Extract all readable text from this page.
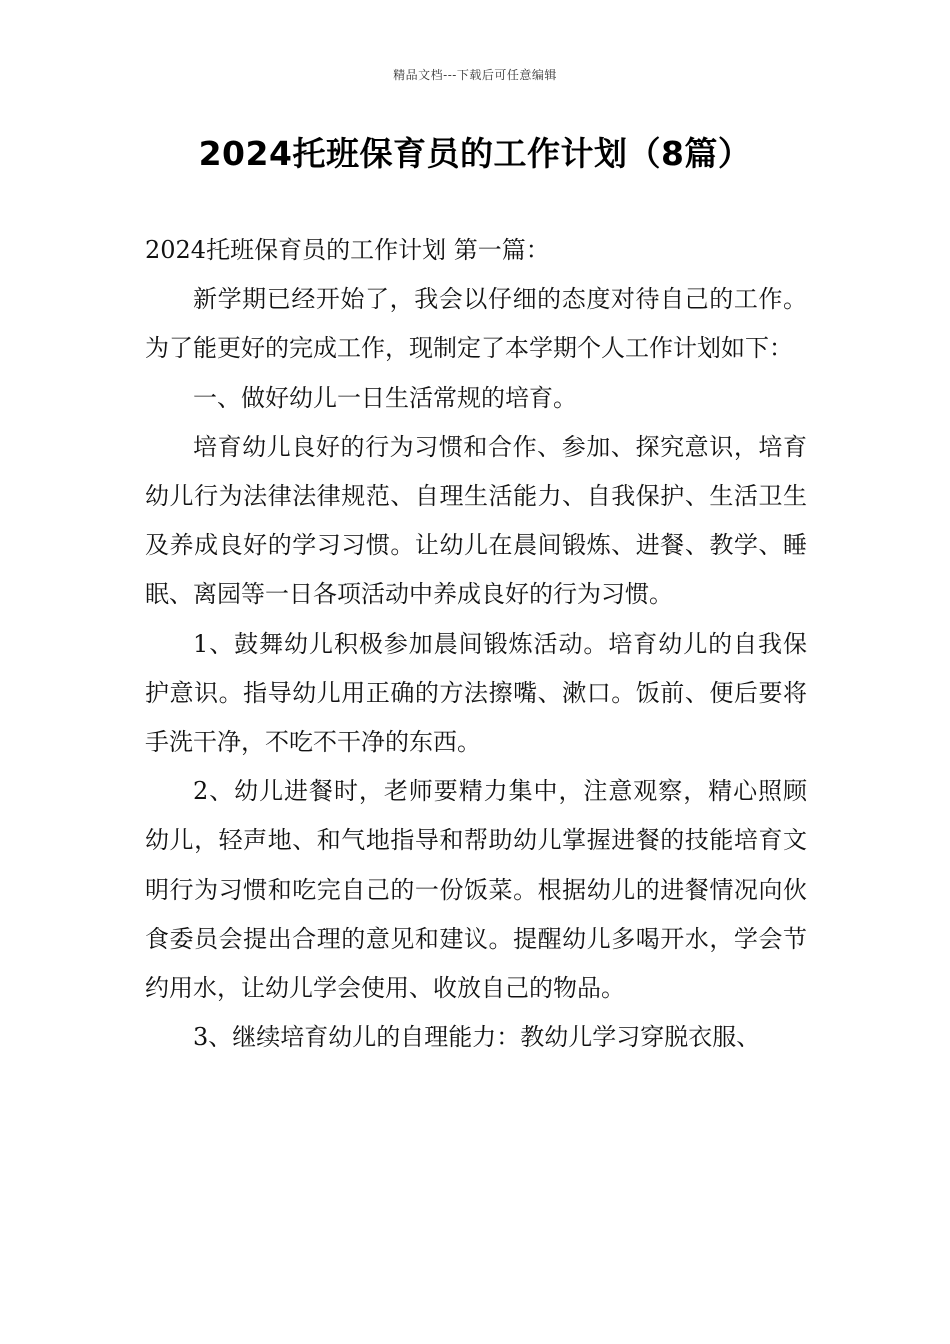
精品文档---下载后可任意编辑
2024托班保育员的工作计划（8篇）

2024托班保育员的工作计划 第一篇：

新学期已经开始了，我会以仔细的态度对待自己的工作。为了能更好的完成工作，现制定了本学期个人工作计划如下：

一、做好幼儿一日生活常规的培育。

培育幼儿良好的行为习惯和合作、参加、探究意识，培育幼儿行为法律法律规范、自理生活能力、自我保护、生活卫生及养成良好的学习习惯。让幼儿在晨间锻炼、进餐、教学、睡眠、离园等一日各项活动中养成良好的行为习惯。

1、鼓舞幼儿积极参加晨间锻炼活动。培育幼儿的自我保护意识。指导幼儿用正确的方法擦嘴、漱口。饭前、便后要将手洗干净，不吃不干净的东西。

2、幼儿进餐时，老师要精力集中，注意观察，精心照顾幼儿，轻声地、和气地指导和帮助幼儿掌握进餐的技能培育文明行为习惯和吃完自己的一份饭菜。根据幼儿的进餐情况向伙食委员会提出合理的意见和建议。提醒幼儿多喝开水，学会节约用水，让幼儿学会使用、收放自己的物品。

3、继续培育幼儿的自理能力：教幼儿学习穿脱衣服、
